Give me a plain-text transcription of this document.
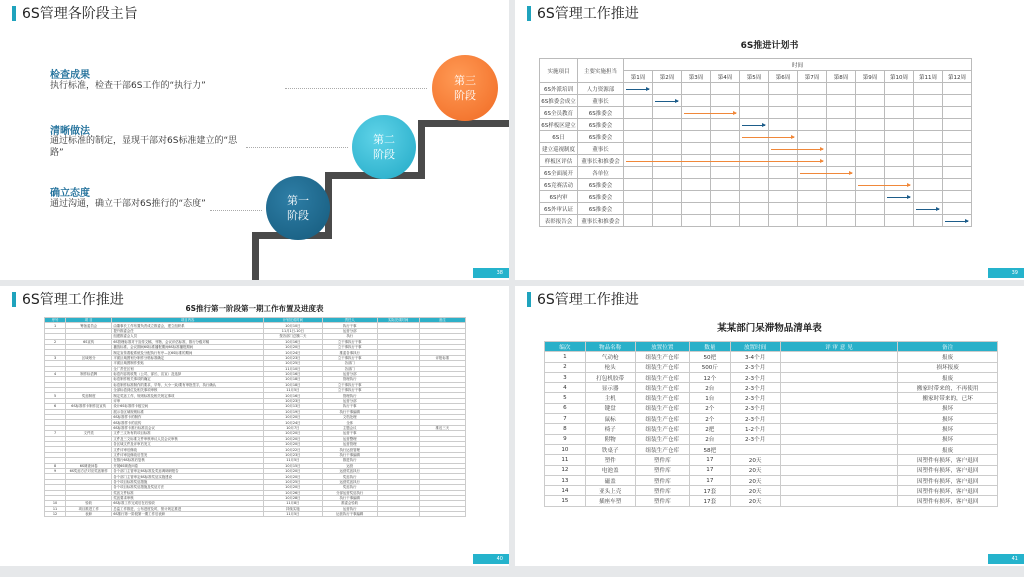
6S管理各阶段主旨
第三
阶段
第二
阶段
第一
阶段
检查成果
执行标准，检查干部6S工作的“执行力”
清晰做法
通过标准的制定，显现干部对6S标准建立的“思路”
确立态度
通过沟通，确立干部对6S推行的“态度”
38
6S管理工作推进
6S推进计划书
实施项目	主要实施担当	时间											
		第1周	第2周	第3周	第4周	第5周	第6周	第7周	第8周	第9周	第10周	第11周	第12周
6S外派培训	人力资源部	

6S推委会成立	董事长		

6S全员教育	6S推委会			

6S样板区建立	6S推委会					

6S日	6S推委会					

建立巡视制度	董事长						

样板区评估	董事长和推委会	

6S全面展开	各单位							

6S竞赛活动	6S推委会									

6S内审	6S推委会										

6S外审认证	6S推委会											

表彰报告会	董事长和推委会												
39
6S管理工作推进
6S推行第一阶段第一期工作布置及进度表
序号	项 目	项目内容	计划完成时间	责任人	实际完成时间	备注
1	筹备委员会	由董事长工作布置负责成立推委会，建立组织系	10月10日	执行干事		
		提升推委会任	11月1日-10日	运营分部		
		组建推委会人员	按各部门总额二天	执行		
2	6S宣传	6S管理标准对于宣传文稿、刊物、会议评估标准，推行分级对稿	10月16日	立干事执行干事		
		播放标准、会议期间6S标准播报期间6S标准播报期间	10月20日	立干事执行干事		
		制定宣传看板系统及分配执行有序—区6S标准的期间	10月24日	推委各事执行		
3	区域划分	平面区域图划分制作分格标准确定	10月23日	立干事执行干事		评报标准
		平面区域图制作张贴	10月25日	各部门		
		全厂责任区划	11月10日	各部门		
4	制作标语牌	标语内容的收集（公司、部长、宣宣）及选择	10月16日	运营分部		
		标语制作相关事项的确定	10月18日	管理执行		
		标语制作标准制作的要求，早每、大小一致/要有审批签字，执行确认	10月18日	立干事执行干事		
		全部标语到位及相关事项审核	11月5日	立干事执行干事		
5	奖惩制度	制定奖惩工作，规则标准及相关规定事项	10月16日	管理执行		
		评审	10月23日	运营分部		
6	6S标准样卡制作及宣传	设计6S标准样卡板空间	10月13日	执行干事		
		展示各区域规则标准	10月19日	执行干事编辑		
		6S标准样卡的制作	10月20日	文档处理		
		6S标准样卡的宣传	10月24日	全体		
		6S标准样卡推行标准宣会议	10月7日	主题会议		推迟三天
7	文件类	文件三文所有的项目标准	10月20日	运营干事		
		文件及三文标准文件审核审议人员会议审核	10月20日	运营整理		
		各区域文件及评审后发文	10月20日	运营管理		
		文件评审后修改	10月22日	执行运营管理		
		文件评审及修改后签发	10月23日	执行干事编辑		
		在推行6S标准后复核	11月5日	推进执行		
8	6S调查问卷	开展6S调查问卷	10月15日	运营		
9	6S奖惩方法对应奖惩制作	各个部门主管审定6S标准及奖惩调调研报告	10月20日	运营奖惩执行		
		各个部门主管审定6S标准奖惩实施建设	10月20日	奖惩执行		
		各个项目标准奖惩措施	10月25日	运营奖惩执行		
		各个项目标准奖惩措施及奖惩方法	10月20日	奖惩执行		
		奖惩文件标准	10月26日	分部运营奖惩执行		
		奖惩要求审核	10月28日	执行干事编辑		
10	验收	6S标准工作完成后在后验收	11月8日	推委会验收		
11	项目推进工作	总监工作推进，公布进度及时，预计规定推进	持续实施	运营执行		
12	表彰	6S推行第一阶段第一期工作后表彰	11月5日	运营执行干事编辑		
40
6S管理工作推进
某某部门呆滞物品清单表
编次	物品名称	放置位置	数量	放置时间	评 审 意 见	备注
1	气动枪	组装生产仓库	50把	3-4个月		报废
2	枪头	组装生产仓库	500斤	2-3个月		损坏报废
3	打包机胶带	组装生产仓库	12个	2-3个月		报废
4	显示器	组装生产仓库	2台	2-3个月		搬家时带来的，不再使用
5	主机	组装生产仓库	1台	2-3个月		搬家时带来的，已坏
6	键盘	组装生产仓库	2个	2-3个月		损坏
7	鼠标	组装生产仓库	2个	2-3个月		损坏
8	椅子	组装生产仓库	2把	1-2个月		损坏
9	附物	组装生产仓库	2台	2-3个月		损坏
10	铁桌子	组装生产仓库	58把			报废
11	塑件	塑件库	17	20天		因塑件有损坏，客户退回
12	电池盖	塑件库	17	20天		因塑件有损坏，客户退回
13	磁盖	塑件库	17	20天		因塑件有损坏，客户退回
14	亚头上壳	塑件库	17套	20天		因塑件有损坏，客户退回
15	插座车塑	塑件库	17套	20天		因塑件有损坏，客户退回
41
